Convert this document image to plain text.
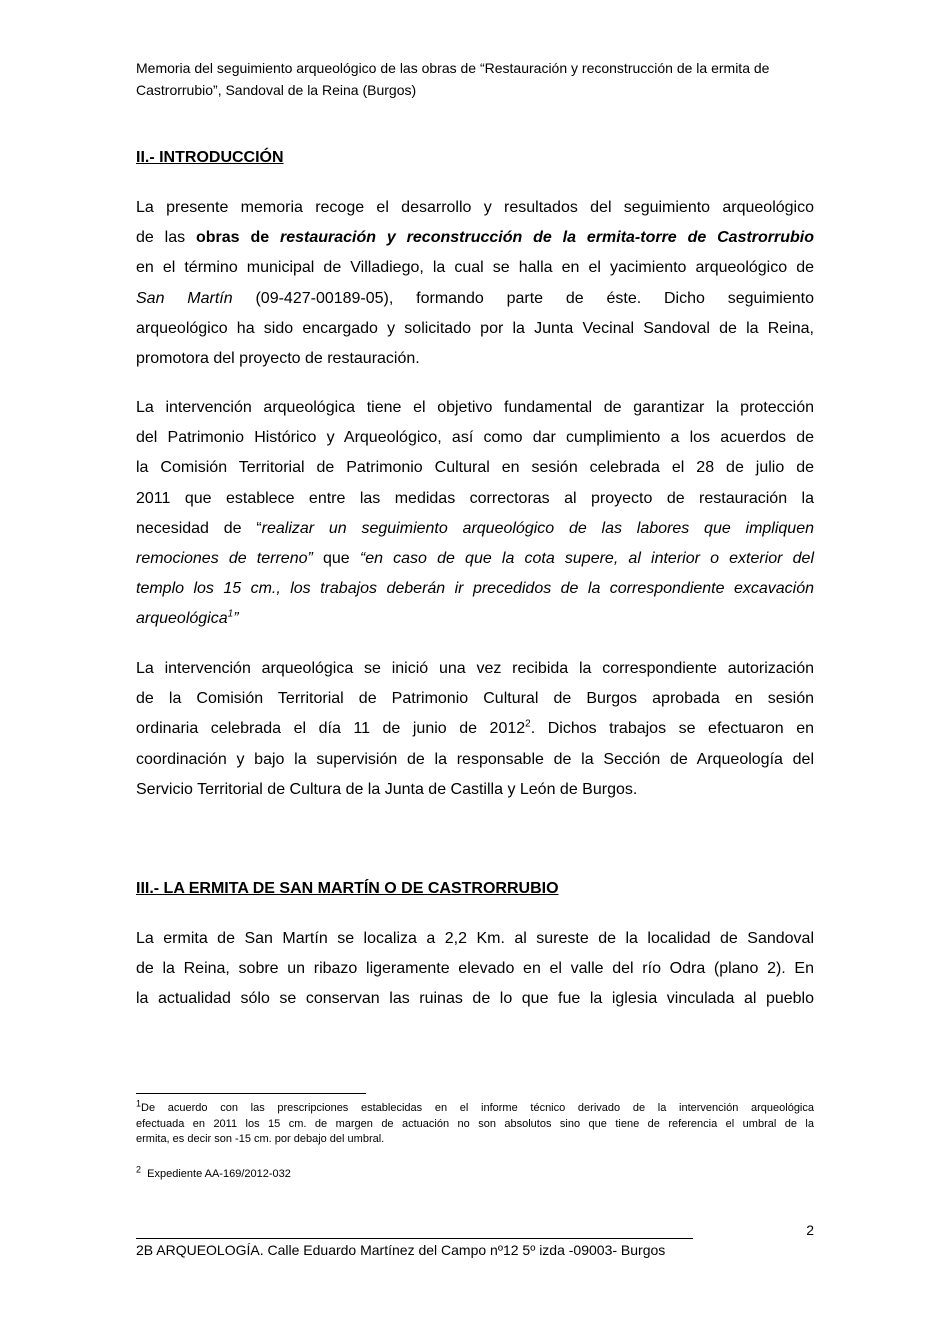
Memoria del seguimiento arqueológico de las obras de “Restauración y reconstrucción de la ermita de
Castrorrubio”, Sandoval de la Reina (Burgos)
II.- INTRODUCCIÓN
La presente memoria recoge el desarrollo y resultados del seguimiento arqueológico
de las obras de restauración y reconstrucción de la ermita-torre de Castrorrubio
en el término municipal de Villadiego, la cual se halla en el yacimiento arqueológico de
San Martín (09-427-00189-05), formando parte de éste. Dicho seguimiento
arqueológico ha sido encargado y solicitado por la Junta Vecinal Sandoval de la Reina,
promotora del proyecto de restauración.
La intervención arqueológica tiene el objetivo fundamental de garantizar la protección
del Patrimonio Histórico y Arqueológico, así como dar cumplimiento a los acuerdos de
la Comisión Territorial de Patrimonio Cultural en sesión celebrada el 28 de julio de
2011 que establece entre las medidas correctoras al proyecto de restauración la
necesidad de “realizar un seguimiento arqueológico de las labores que impliquen
remociones de terreno” que “en caso de que la cota supere, al interior o exterior del
templo los 15 cm., los trabajos deberán ir precedidos de la correspondiente excavación
arqueológica$^1$”
La intervención arqueológica se inició una vez recibida la correspondiente autorización
de la Comisión Territorial de Patrimonio Cultural de Burgos aprobada en sesión
ordinaria celebrada el día 11 de junio de 2012$^2$. Dichos trabajos se efectuaron en
coordinación y bajo la supervisión de la responsable de la Sección de Arqueología del
Servicio Territorial de Cultura de la Junta de Castilla y León de Burgos.
III.- LA ERMITA DE SAN MARTÍN O DE CASTRORRUBIO
La ermita de San Martín se localiza a 2,2 Km. al sureste de la localidad de Sandoval
de la Reina, sobre un ribazo ligeramente elevado en el valle del río Odra (plano 2). En
la actualidad sólo se conservan las ruinas de lo que fue la iglesia vinculada al pueblo
$^1$De acuerdo con las prescripciones establecidas en el informe técnico derivado de la intervención arqueológica
efectuada en 2011 los 15 cm. de margen de actuación no son absolutos sino que tiene de referencia el umbral de la
ermita, es decir son -15 cm. por debajo del umbral.
$^2$ Expediente AA-169/2012-032
2
2B ARQUEOLOGÍA. Calle Eduardo Martínez del Campo nº12 5º izda -09003- Burgos
